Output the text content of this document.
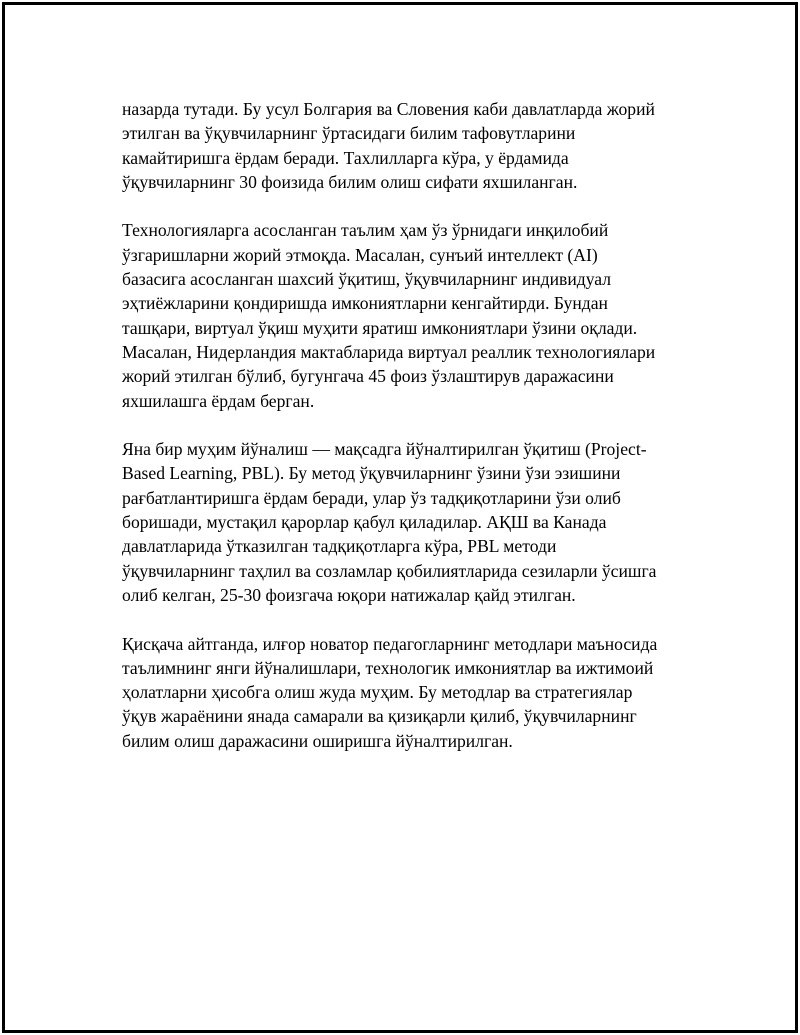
назарда тутади. Бу усул Болгария ва Словения каби давлатларда жорий
этилган ва ўқувчиларнинг ўртасидаги билим тафовутларини
камайтиришга ёрдам беради. Тахлилларга кўра, у ёрдамида
ўқувчиларнинг 30 фоизида билим олиш сифати яхшиланган.

Технологияларга асосланган таълим ҳам ўз ўрнидаги инқилобий
ўзгаришларни жорий этмоқда. Масалан, сунъий интеллект (AI)
базасига асосланган шахсий ўқитиш, ўқувчиларнинг индивидуал
эҳтиёжларини қондиришда имкониятларни кенгайтирди. Бундан
ташқари, виртуал ўқиш муҳити яратиш имкониятлари ўзини оқлади.
Масалан, Нидерландия мактабларида виртуал реаллик технологиялари
жорий этилган бўлиб, бугунгача 45 фоиз ўзлаштирув даражасини
яхшилашга ёрдам берган.

Яна бир муҳим йўналиш — мақсадга йўналтирилган ўқитиш (Project-
Based Learning, PBL). Бу метод ўқувчиларнинг ўзини ўзи эзишини
рағбатлантиришга ёрдам беради, улар ўз тадқиқотларини ўзи олиб
боришади, мустақил қарорлар қабул қиладилар. АҚШ ва Канада
давлатларида ўтказилган тадқиқотларга кўра, PBL методи
ўқувчиларнинг таҳлил ва созламлар қобилиятларида сезиларли ўсишга
олиб келган, 25-30 фоизгача юқори натижалар қайд этилган.

Қисқача айтганда, илғор новатор педагогларнинг методлари маъносида
таълимнинг янги йўналишлари, технологик имкониятлар ва ижтимоий
ҳолатларни ҳисобга олиш жуда муҳим. Бу методлар ва стратегиялар
ўқув жараёнини янада самарали ва қизиқарли қилиб, ўқувчиларнинг
билим олиш даражасини оширишга йўналтирилган.
